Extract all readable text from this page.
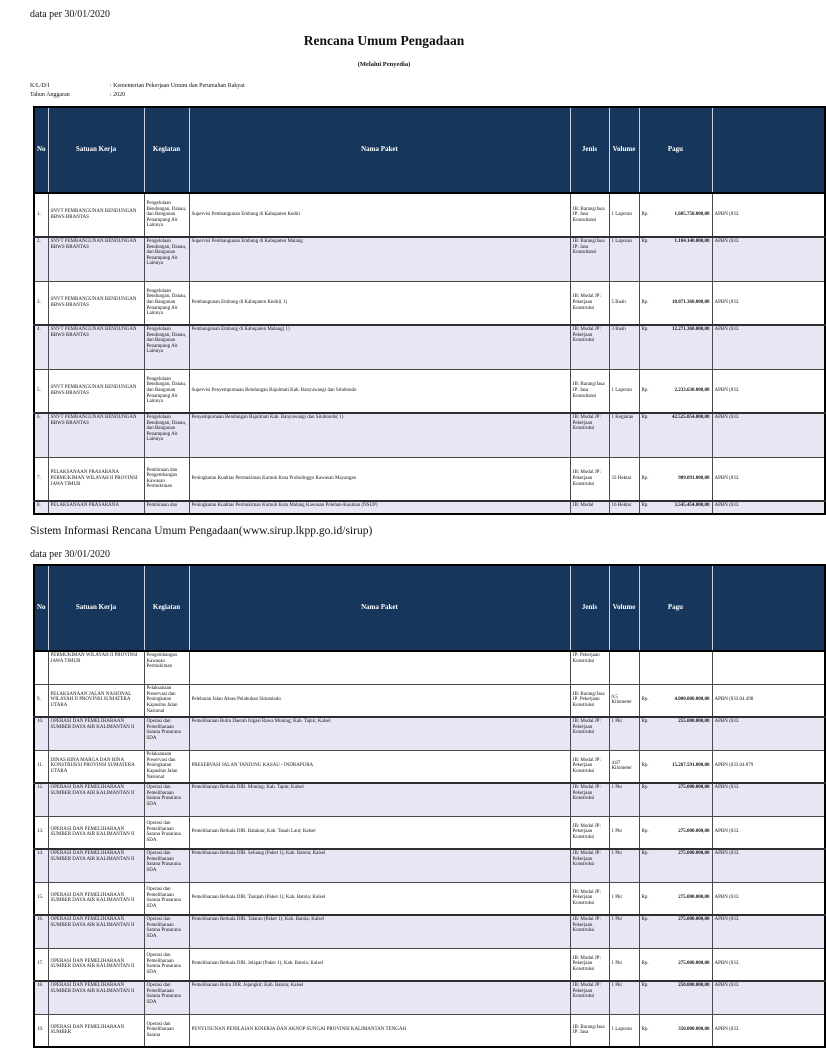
data per 30/01/2020
Rencana Umum Pengadaan
(Melalui Penyedia)
K/L/D/I	: Kementerian Pekerjaan Umum dan Perumahan Rakyat
Tahun Anggaran	: 2020
No	Satuan Kerja	Kegiatan	Nama Paket	Jenis	Volume	Pagu	

1.	SNVT PEMBANGUNAN BENDUNGAN BBWS BRANTAS	Pengelolaan Bendungan, Danau, dan Bangunan Penampung Air Lainnya	Supervisi Pembangunan Embung di Kabupaten Kediri	JB: Barang/Jasa JP: Jasa Konsultansi	1 Laporan	Rp. 1.605.750.000,00	APBN (033.

2.	SNVT PEMBANGUNAN BENDUNGAN BBWS BRANTAS	Pengelolaan Bendungan, Danau, dan Bangunan Penampung Air Lainnya	Supervisi Pembangunan Embung di Kabupaten Malang	JB: Barang/Jasa JP: Jasa Konsultansi	1 Laporan	Rp. 1.104.140.000,00	APBN (033.

3.	SNVT PEMBANGUNAN BENDUNGAN BBWS BRANTAS	Pengelolaan Bendungan, Danau, dan Bangunan Penampung Air Lainnya	Pembangunan Embung di Kabupaten Kediri( 1)	JB: Modal JP: Pekerjaan Konstruksi	5 Buah	Rp. 18.071.360.000,00	APBN (033.

4.	SNVT PEMBANGUNAN BENDUNGAN BBWS BRANTAS	Pengelolaan Bendungan, Danau, dan Bangunan Penampung Air Lainnya	Pembangunan Embung di Kabupaten Malang( 1)	JB: Modal JP: Pekerjaan Konstruksi	3 Buah	Rp. 12.271.360.000,00	APBN (033.

5.	SNVT PEMBANGUNAN BENDUNGAN BBWS BRANTAS	Pengelolaan Bendungan, Danau, dan Bangunan Penampung Air Lainnya	Supervisi Penyempurnaan Bendungan Bajulmati Kab. Banyuwangi dan Situbondo	JB: Barang/Jasa JP: Jasa Konsultansi	1 Laporan	Rp. 2.233.630.000,00	APBN (033.

6.	SNVT PEMBANGUNAN BENDUNGAN BBWS BRANTAS	Pengelolaan Bendungan, Danau, dan Bangunan Penampung Air Lainnya	Penyempurnaan Bendungan Bajulmati Kab. Banyuwangi dan Situbondo( 1)	JB: Modal JP: Pekerjaan Konstruksi	1 Kegiatan	Rp. 42.525.054.000,00	APBN (033.

7.	PELAKSANAAN PRASARANA PERMUKIMAN WILAYAH II PROVINSI JAWA TIMUR	Pembinaan dan Pengembangan Kawasan Permukiman	Peningkatan Kualitas Permukiman Kumuh Kota Probolinggo Kawasan Mayangan	JB: Modal JP: Pekerjaan Konstruksi	33 Hektar	Rp. 909.091.000,00	APBN (033.

8.	PELAKSANAAN PRASARANA	Pembinaan dan	Peningkatan Kualitas Permukiman Kumuh Kota Malang Kawasan Polehan-Kauman (NSUP)	JB: Modal	16 Hektar	Rp. 3.545.454.000,00	APBN (033.
Sistem Informasi Rencana Umum Pengadaan(www.sirup.lkpp.go.id/sirup)
data per 30/01/2020
No	Satuan Kerja	Kegiatan	Nama Paket	Jenis	Volume	Pagu	

	PERMUKIMAN WILAYAH II PROVINSI JAWA TIMUR	Pengembangan Kawasan Permukiman		JP: Pekerjaan Konstruksi			

9.	PELAKSANAAN JALAN NASIONAL WILAYAH II PROVINSI SUMATERA UTARA	Pelaksanaan Preservasi dan Peningkatan Kapasitas Jalan Nasional	Pelebaran Jalan Akses Pelabuhan Simanindo	JB: Barang/Jasa JP: Pekerjaan Konstruksi	0.5 Kilometer	Rp. 4.000.000.000,00	APBN (033.04.498

10.	OPERASI DAN PEMELIHARAAN SUMBER DAYA AIR KALIMANTAN II	Operasi dan Pemeliharaan Sarana Prasarana SDA	Pemeliharaan Rutin Daerah Irigasi Rawa Muning; Kab. Tapin; Kalsel	JB: Modal JP: Pekerjaan Konstruksi	1 Pkt	Rp. 255.000.000,00	APBN (033.

11.	DINAS BINA MARGA DAN BINA KONSTRUKSI PROVINSI SUMATERA UTARA	Pelaksanaan Preservasi dan Peningkatan Kapasitas Jalan Nasional	PRESERVASI JALAN TANJUNG KASAU - INDRAPURA	JB: Modal JP: Pekerjaan Konstruksi	4.87 Kilometer	Rp. 15.267.591.000,00	APBN (033.04.079

12.	OPERASI DAN PEMELIHARAAN SUMBER DAYA AIR KALIMANTAN II	Operasi dan Pemeliharaan Sarana Prasarana SDA	Pemeliharaan Berkala DIR. Muning; Kab. Tapin; Kalsel	JB: Modal JP: Pekerjaan Konstruksi	1 Pkt	Rp. 275.000.000,00	APBN (033.

13.	OPERASI DAN PEMELIHARAAN SUMBER DAYA AIR KALIMANTAN II	Operasi dan Pemeliharaan Sarana Prasarana SDA	Pemeliharaan Berkala DIR. Batakan; Kab. Tanah Laut; Kalsel	JB: Modal JP: Pekerjaan Konstruksi	1 Pkt	Rp. 275.000.000,00	APBN (033.

14.	OPERASI DAN PEMELIHARAAN SUMBER DAYA AIR KALIMANTAN II	Operasi dan Pemeliharaan Sarana Prasarana SDA	Pemeliharaan Berkala DIR. Seluang (Paket 1); Kab. Batola; Kalsel	JB: Modal JP: Pekerjaan Konstruksi	1 Pkt	Rp. 275.000.000,00	APBN (033.

15.	OPERASI DAN PEMELIHARAAN SUMBER DAYA AIR KALIMANTAN II	Operasi dan Pemeliharaan Sarana Prasarana SDA	Pemeliharaan Berkala DIR. Tanipah (Paket 1); Kab. Batola; Kalsel	JB: Modal JP: Pekerjaan Konstruksi	1 Pkt	Rp. 275.000.000,00	APBN (033.

16.	OPERASI DAN PEMELIHARAAN SUMBER DAYA AIR KALIMANTAN II	Operasi dan Pemeliharaan Sarana Prasarana SDA	Pemeliharaan Berkala DIR. Talaran (Paket 1); Kab. Batola; Kalsel	JB: Modal JP: Pekerjaan Konstruksi	1 Pkt	Rp. 275.000.000,00	APBN (033.

17.	OPERASI DAN PEMELIHARAAN SUMBER DAYA AIR KALIMANTAN II	Operasi dan Pemeliharaan Sarana Prasarana SDA	Pemeliharaan Berkala DIR. Jelapat (Paket 1); Kab. Batola; Kalsel	JB: Modal JP: Pekerjaan Konstruksi	1 Pkt	Rp. 275.000.000,00	APBN (033.

18.	OPERASI DAN PEMELIHARAAN SUMBER DAYA AIR KALIMANTAN II	Operasi dan Pemeliharaan Sarana Prasarana SDA	Pemeliharaan Rutin DIR. Jejangkit; Kab. Batola; Kalsel	JB: Modal JP: Pekerjaan Konstruksi	1 Pkt	Rp. 250.000.000,00	APBN (033.

19.	OPERASI DAN PEMELIHARAAN SUMBER	Operasi dan Pemeliharaan Sarana	PENYUSUNAN PENILAIAN KINERJA DAN AKNOP SUNGAI PROVINSI KALIMANTAN TENGAH	JB: Barang/Jasa JP: Jasa	1 Laporan	Rp. 350.000.000,00	APBN (033.
